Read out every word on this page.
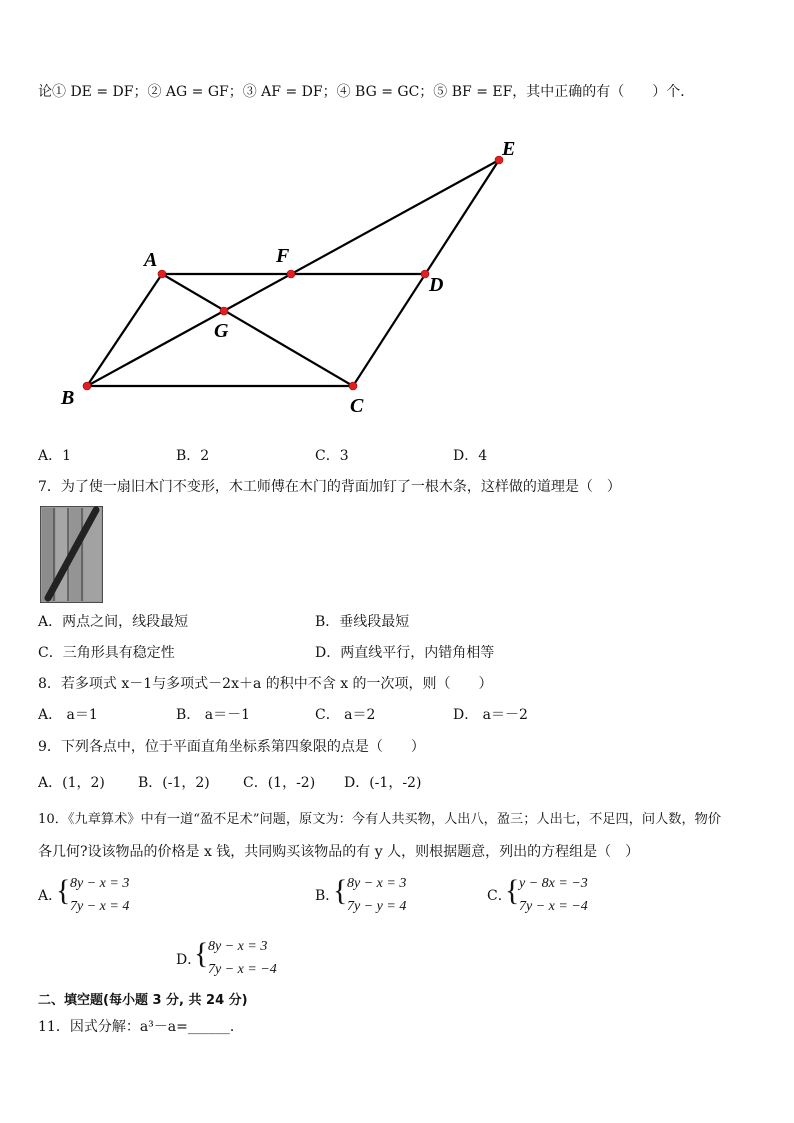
论① DE = DF；② AG = GF；③ AF = DF；④ BG = GC；⑤ BF = EF，其中正确的有（　　）个．
A
B	C
D
E
F
G
A．1	B．2	C．3	D．4
7．为了使一扇旧木门不变形，木工师傅在木门的背面加钉了一根木条，这样做的道理是（　）
A．两点之间，线段最短	B．垂线段最短
C．三角形具有稳定性	D．两直线平行，内错角相等
8．若多项式 x－1与多项式－2x＋a 的积中不含 x 的一次项，则（　　）
A． a＝1	B． a＝－1	C． a＝2	D． a＝－2
9．下列各点中，位于平面直角坐标系第四象限的点是（　　）
A．(1，2) B．(-1，2) C．(1，-2) D．(-1，-2)
10．《九章算术》中有一道“盈不足术”问题，原文为：今有人共买物，人出八，盈三；人出七，不足四，问人数，物价
各几何?设该物品的价格是 x 钱，共同购买该物品的有 y 人，则根据题意，列出的方程组是（　）
A．
{ 8y − x = 3
7y − x = 4
B．
{ 8y − x = 3
7y − y = 4
C．
{ y − 8x = −3
7y − x = −4
D．
{ 8y − x = 3
7y − x = −4
二、填空题(每小题 3 分, 共 24 分)
11．因式分解：a³－a=______．
